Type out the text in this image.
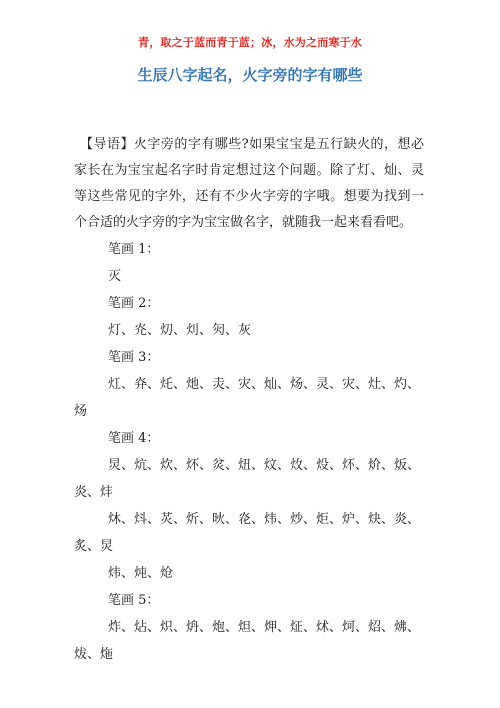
青，取之于蓝而青于蓝；冰，水为之而寒于水
生辰八字起名，火字旁的字有哪些

【导语】火字旁的字有哪些?如果宝宝是五行缺火的，想必家长在为宝宝起名字时肯定想过这个问题。除了灯、灿、灵等这些常见的字外，还有不少火字旁的字哦。想要为找到一个合适的火字旁的字为宝宝做名字，就随我一起来看看吧。

笔画 1：

灭

笔画 2：

灯、灮、灱、灲、灳、灰

笔画 3：

灴、灷、灹、灺、灻、灾、灿、炀、灵、灾、灶、灼、炀

笔画 4：

炅、炕、炊、炋、炃、炄、炆、炇、炈、炋、炌、炍、炎、炐

炑、炓、炗、炘、炚、炛、炜、炒、炬、炉、炔、炎、炙、炅

炜、炖、炝

笔画 5：

炸、炶、炽、炿、炮、炟、炠、炡、炢、炣、炤、炥、炦、炧
